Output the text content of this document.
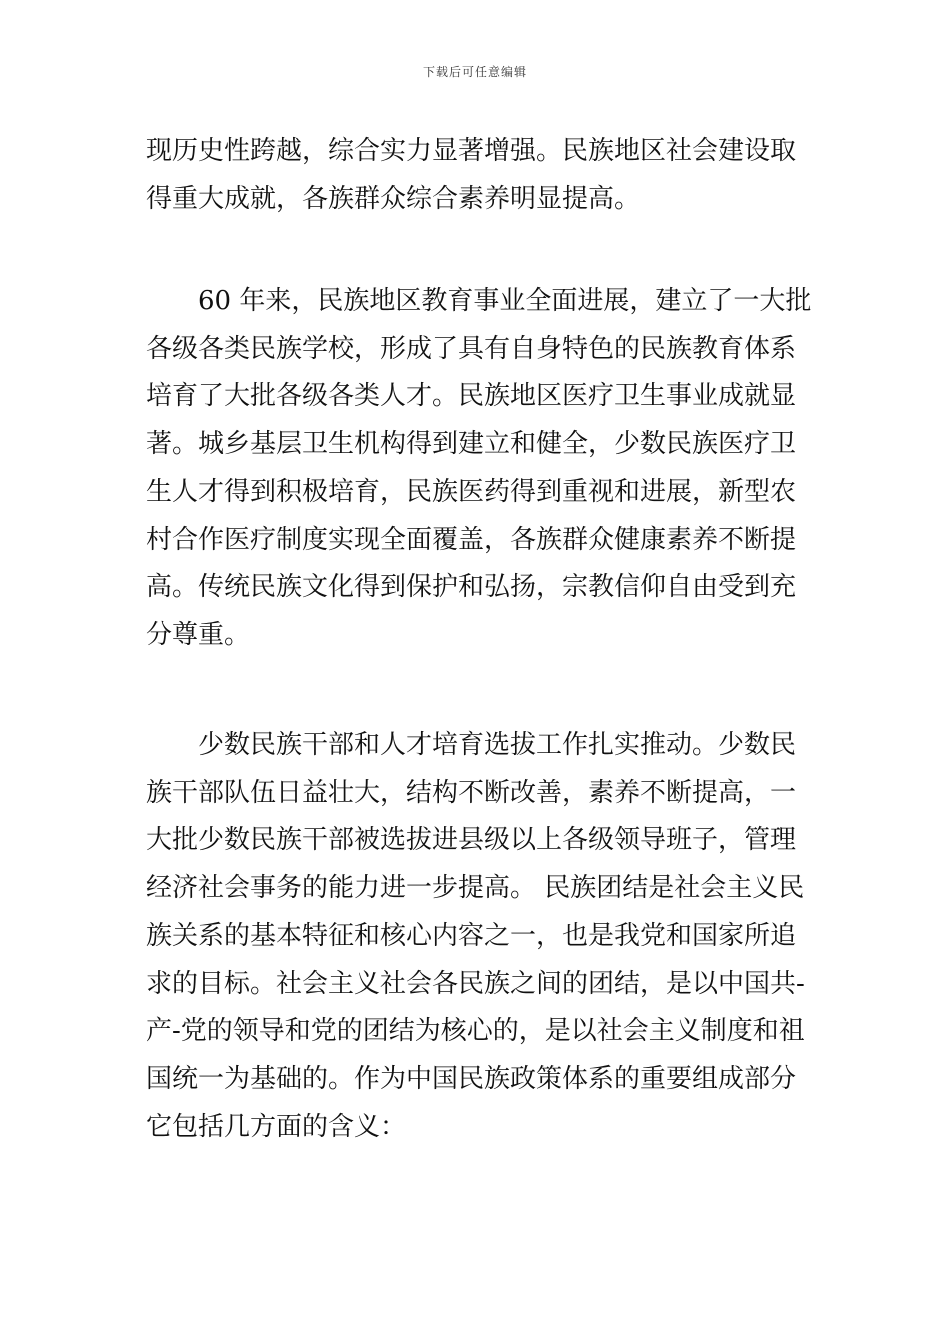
下载后可任意编辑
现历史性跨越，综合实力显著增强。民族地区社会建设取
得重大成就，各族群众综合素养明显提高。
60 年来，民族地区教育事业全面进展，建立了一大批
各级各类民族学校，形成了具有自身特色的民族教育体系
培育了大批各级各类人才。民族地区医疗卫生事业成就显
著。城乡基层卫生机构得到建立和健全，少数民族医疗卫
生人才得到积极培育，民族医药得到重视和进展，新型农
村合作医疗制度实现全面覆盖，各族群众健康素养不断提
高。传统民族文化得到保护和弘扬，宗教信仰自由受到充
分尊重。
少数民族干部和人才培育选拔工作扎实推动。少数民
族干部队伍日益壮大，结构不断改善，素养不断提高，一
大批少数民族干部被选拔进县级以上各级领导班子，管理
经济社会事务的能力进一步提高。 民族团结是社会主义民
族关系的基本特征和核心内容之一，也是我党和国家所追
求的目标。社会主义社会各民族之间的团结，是以中国共-
产-党的领导和党的团结为核心的，是以社会主义制度和祖
国统一为基础的。作为中国民族政策体系的重要组成部分
它包括几方面的含义：
